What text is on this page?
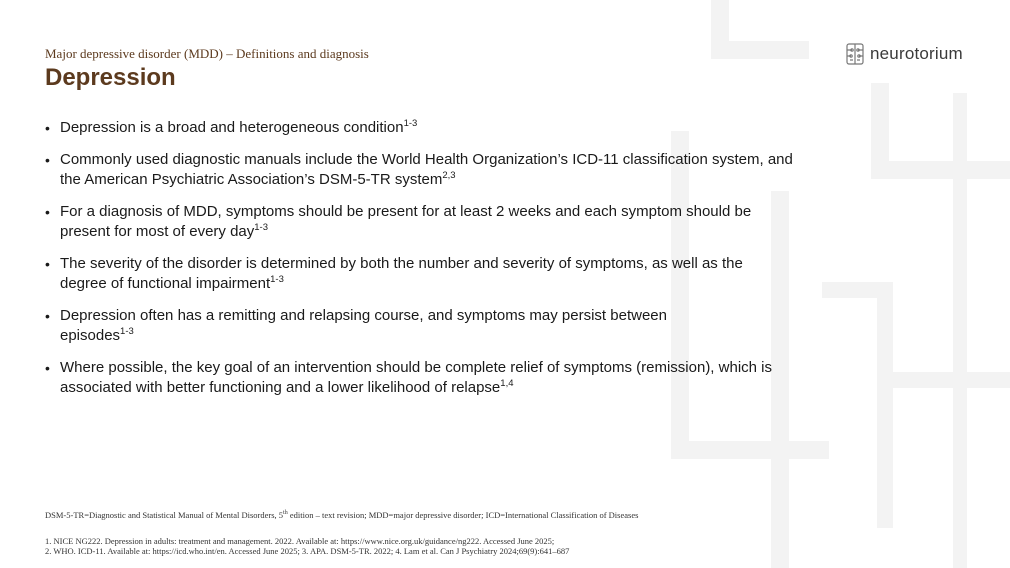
Major depressive disorder (MDD) – Definitions and diagnosis
Depression
neurotorium
• Depression is a broad and heterogeneous condition$^{1-3}$
• Commonly used diagnostic manuals include the World Health Organization’s ICD-11 classification system, and the American Psychiatric Association’s DSM-5-TR system$^{2,3}$
• For a diagnosis of MDD, symptoms should be present for at least 2 weeks and each symptom should be present for most of every day$^{1-3}$
• The severity of the disorder is determined by both the number and severity of symptoms, as well as the degree of functional impairment$^{1-3}$
• Depression often has a remitting and relapsing course, and symptoms may persist between episodes$^{1-3}$
• Where possible, the key goal of an intervention should be complete relief of symptoms (remission), which is associated with better functioning and a lower likelihood of relapse$^{1,4}$
DSM-5-TR=Diagnostic and Statistical Manual of Mental Disorders, 5th edition – text revision; MDD=major depressive disorder; ICD=International Classification of Diseases
1. NICE NG222. Depression in adults: treatment and management. 2022. Available at: https://www.nice.org.uk/guidance/ng222. Accessed June 2025;
2. WHO. ICD-11. Available at: https://icd.who.int/en. Accessed June 2025; 3. APA. DSM-5-TR. 2022; 4. Lam et al. Can J Psychiatry 2024;69(9):641–687
